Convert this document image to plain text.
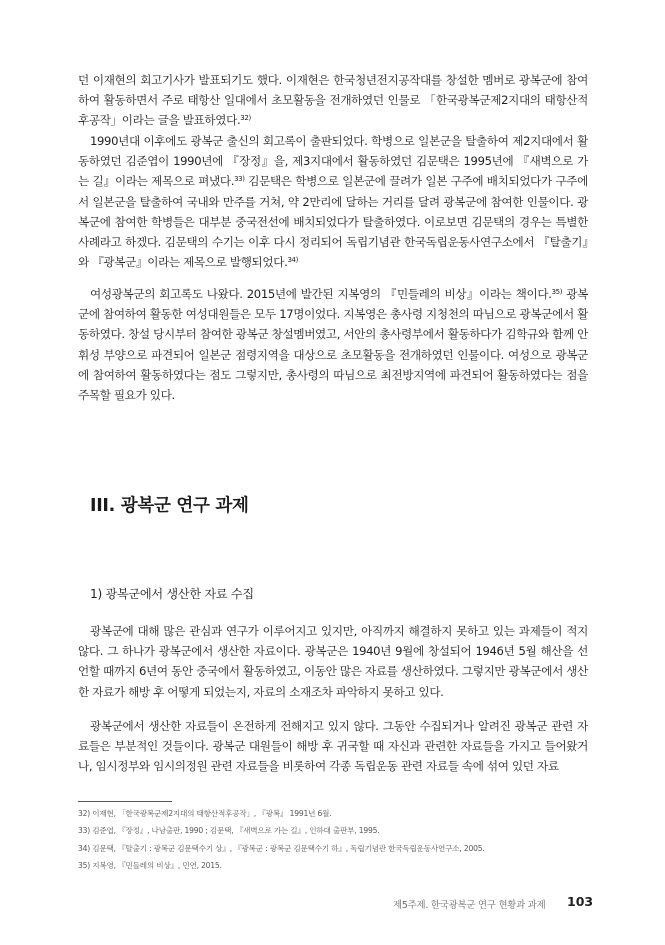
던 이재현의 회고기사가 발표되기도 했다. 이재현은 한국청년전지공작대를 창설한 멤버로 광복군에 참여하여 활동하면서 주로 태항산 일대에서 초모활동을 전개하였던 인물로 「한국광복군제2지대의 태항산적후공작」이라는 글을 발표하였다.$^{32)}$

1990년대 이후에도 광복군 출신의 회고록이 출판되었다. 학병으로 일본군을 탈출하여 제2지대에서 활동하였던 김준엽이 1990년에 『장정』을, 제3지대에서 활동하였던 김문택은 1995년에 『새벽으로 가는 길』이라는 제목으로 펴냈다.$^{33)}$ 김문택은 학병으로 일본군에 끌려가 일본 구주에 배치되었다가 구주에서 일본군을 탈출하여 국내와 만주를 거쳐, 약 2만리에 달하는 거리를 달려 광복군에 참여한 인물이다. 광복군에 참여한 학병들은 대부분 중국전선에 배치되었다가 탈출하였다. 이로보면 김문택의 경우는 특별한 사례라고 하겠다. 김문택의 수기는 이후 다시 정리되어 독립기념관 한국독립운동사연구소에서 『탈출기』와 『광복군』이라는 제목으로 발행되었다.$^{34)}$

여성광복군의 회고록도 나왔다. 2015년에 발간된 지복영의 『민들레의 비상』이라는 책이다.$^{35)}$ 광복군에 참여하여 활동한 여성대원들은 모두 17명이었다. 지복영은 총사령 지청천의 따님으로 광복군에서 활동하였다. 창설 당시부터 참여한 광복군 창설멤버였고, 서안의 총사령부에서 활동하다가 김학규와 함께 안휘성 부양으로 파견되어 일본군 점령지역을 대상으로 초모활동을 전개하였던 인물이다. 여성으로 광복군에 참여하여 활동하였다는 점도 그렇지만, 총사령의 따님으로 최전방지역에 파견되어 활동하였다는 점을 주목할 필요가 있다.

III. 광복군 연구 과제
1) 광복군에서 생산한 자료 수집

광복군에 대해 많은 관심과 연구가 이루어지고 있지만, 아직까지 해결하지 못하고 있는 과제들이 적지 않다. 그 하나가 광복군에서 생산한 자료이다. 광복군은 1940년 9월에 창설되어 1946년 5월 해산을 선언할 때까지 6년여 동안 중국에서 활동하였고, 이동안 많은 자료를 생산하였다. 그렇지만 광복군에서 생산한 자료가 해방 후 어떻게 되었는지, 자료의 소재조차 파악하지 못하고 있다.

광복군에서 생산한 자료들이 온전하게 전해지고 있지 않다. 그동안 수집되거나 알려진 광복군 관련 자료들은 부분적인 것들이다. 광복군 대원들이 해방 후 귀국할 때 자신과 관련한 자료들을 가지고 들어왔거나, 임시정부와 임시의정원 관련 자료들을 비롯하여 각종 독립운동 관련 자료들 속에 섞여 있던 자료

32) 이재현, 「한국광복군제2지대의 태항산적후공작」, 『광복』 1991년 6월.
33) 김준엽, 『장정』, 나남출판, 1990 ; 김문택, 『새벽으로 가는 길』, 인하대 출판부, 1995.
34) 김문택, 『탈출기 : 광복군 김문택수기 상』, 『광복군 : 광복군 김문택수기 하』, 독립기념관 한국독립운동사연구소, 2005.
35) 지복영, 『민들레의 비상』, 민연, 2015.
제5주제. 한국광복군 연구 현황과 과제 103
